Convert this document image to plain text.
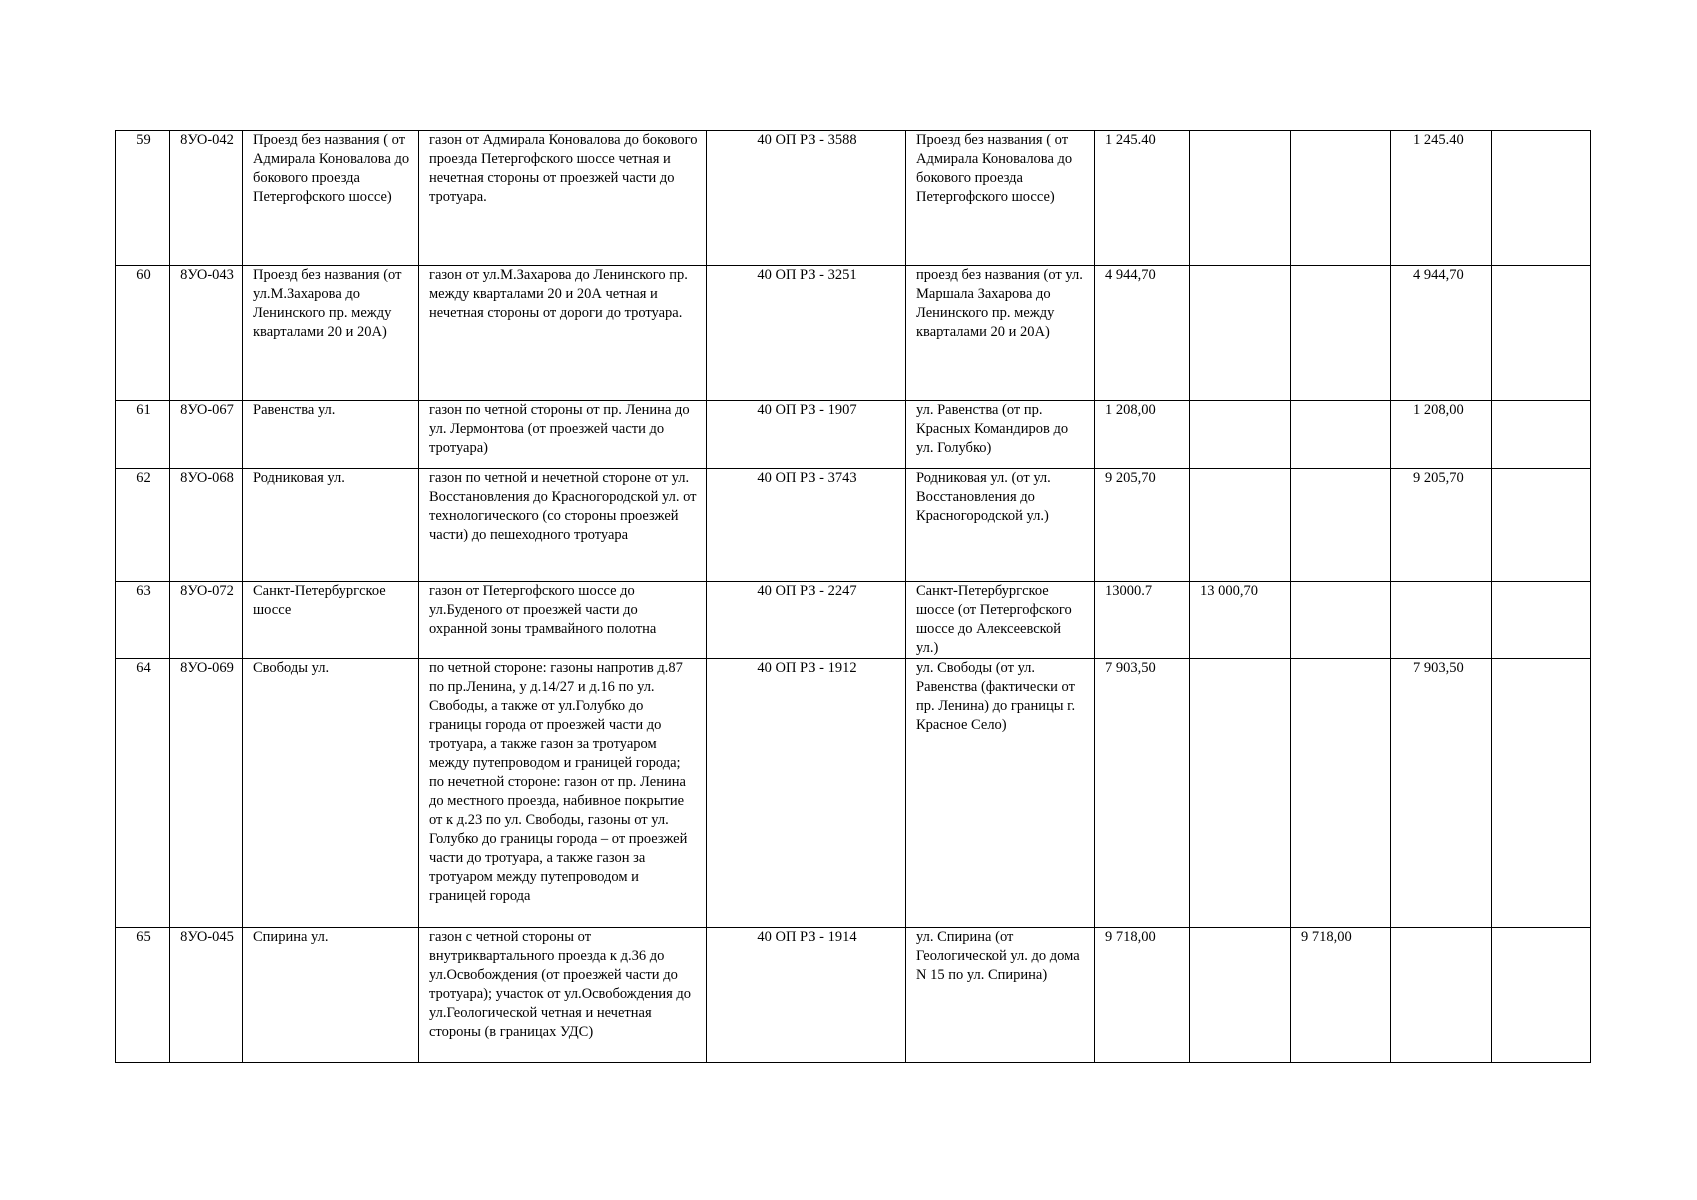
59	8УО-042	Проезд без названия ( от Адмирала Коновалова до бокового проезда Петергофского шоссе)	газон от Адмирала Коновалова до бокового проезда Петергофского шоссе четная и нечетная стороны от проезжей части до тротуара.	40 ОП РЗ - 3588	Проезд без названия ( от Адмирала Коновалова до бокового проезда Петергофского шоссе)	1 245.40			1 245.40	
60	8УО-043	Проезд без названия (от ул.М.Захарова до Ленинского пр. между кварталами 20 и 20А)	газон от ул.М.Захарова до Ленинского пр. между кварталами 20 и 20А четная и нечетная стороны от дороги до тротуара.	40 ОП РЗ - 3251	проезд без названия (от ул. Маршала Захарова до Ленинского пр. между кварталами 20 и 20А)	4 944,70			4 944,70	
61	8УО-067	Равенства ул.	газон по четной стороны от пр. Ленина до ул. Лермонтова (от проезжей части до тротуара)	40 ОП РЗ - 1907	ул. Равенства (от пр. Красных Командиров до ул. Голубко)	1 208,00			1 208,00	
62	8УО-068	Родниковая ул.	газон по четной и нечетной стороне от ул. Восстановления до Красногородской ул. от технологического (со стороны проезжей части) до пешеходного тротуара	40 ОП РЗ - 3743	Родниковая ул. (от ул. Восстановления до Красногородской ул.)	9 205,70			9 205,70	
63	8УО-072	Санкт-Петербургское шоссе	газон от Петергофского шоссе до ул.Буденого от проезжей части до охранной зоны трамвайного полотна	40 ОП РЗ - 2247	Санкт-Петербургское шоссе (от Петергофского шоссе до Алексеевской ул.)	13000.7	13 000,70			
64	8УО-069	Свободы ул.	по четной стороне: газоны напротив д.87 по пр.Ленина, у д.14/27 и д.16 по ул. Свободы, а также от ул.Голубко до границы города от проезжей части до тротуара, а также газон за тротуаром между путепроводом и границей города; по нечетной стороне: газон от пр. Ленина до местного проезда, набивное покрытие от к д.23 по ул. Свободы, газоны от ул. Голубко до границы города – от проезжей части до тротуара, а также газон за тротуаром между путепроводом и границей города	40 ОП РЗ - 1912	ул. Свободы (от ул. Равенства (фактически от пр. Ленина) до границы г. Красное Село)	7 903,50			7 903,50	
65	8УО-045	Спирина ул.	газон с четной стороны от внутриквартального проезда к д.36 до ул.Освобождения (от проезжей части до тротуара); участок от ул.Освобождения до ул.Геологической четная и нечетная стороны (в границах УДС)	40 ОП РЗ - 1914	ул. Спирина (от Геологической ул. до дома N 15 по ул. Спирина)	9 718,00		9 718,00		
